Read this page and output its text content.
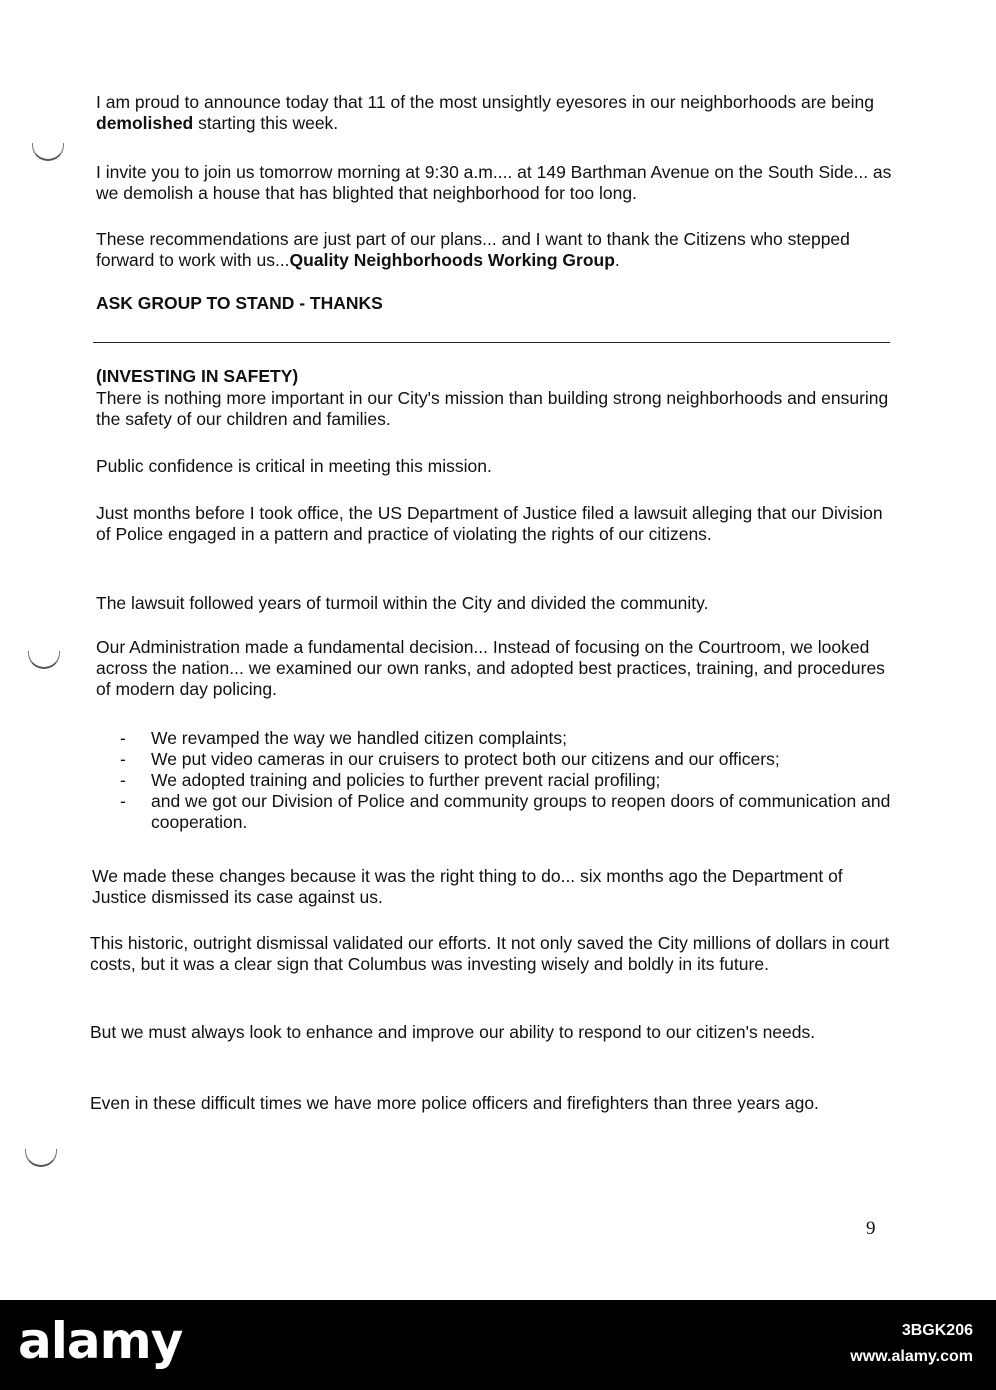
I am proud to announce today that 11 of the most unsightly eyesores in our neighborhoods are being demolished starting this week.

I invite you to join us tomorrow morning at 9:30 a.m.... at 149 Barthman Avenue on the South Side... as we demolish a house that has blighted that neighborhood for too long.

These recommendations are just part of our plans... and I want to thank the Citizens who stepped forward to work with us...Quality Neighborhoods Working Group.

ASK GROUP TO STAND - THANKS

(INVESTING IN SAFETY)

There is nothing more important in our City's mission than building strong neighborhoods and ensuring the safety of our children and families.

Public confidence is critical in meeting this mission.

Just months before I took office, the US Department of Justice filed a lawsuit alleging that our Division of Police engaged in a pattern and practice of violating the rights of our citizens.

The lawsuit followed years of turmoil within the City and divided the community.

Our Administration made a fundamental decision... Instead of focusing on the Courtroom, we looked across the nation... we examined our own ranks, and adopted best practices, training, and procedures of modern day policing.

-	We revamped the way we handled citizen complaints;
-	We put video cameras in our cruisers to protect both our citizens and our officers;
-	We adopted training and policies to further prevent racial profiling;
-	and we got our Division of Police and community groups to reopen doors of communication and cooperation.

We made these changes because it was the right thing to do... six months ago the Department of Justice dismissed its case against us.

This historic, outright dismissal validated our efforts. It not only saved the City millions of dollars in court costs, but it was a clear sign that Columbus was investing wisely and boldly in its future.

But we must always look to enhance and improve our ability to respond to our citizen's needs.

Even in these difficult times we have more police officers and firefighters than three years ago.

9
alamy	3BGK206
www.alamy.com
